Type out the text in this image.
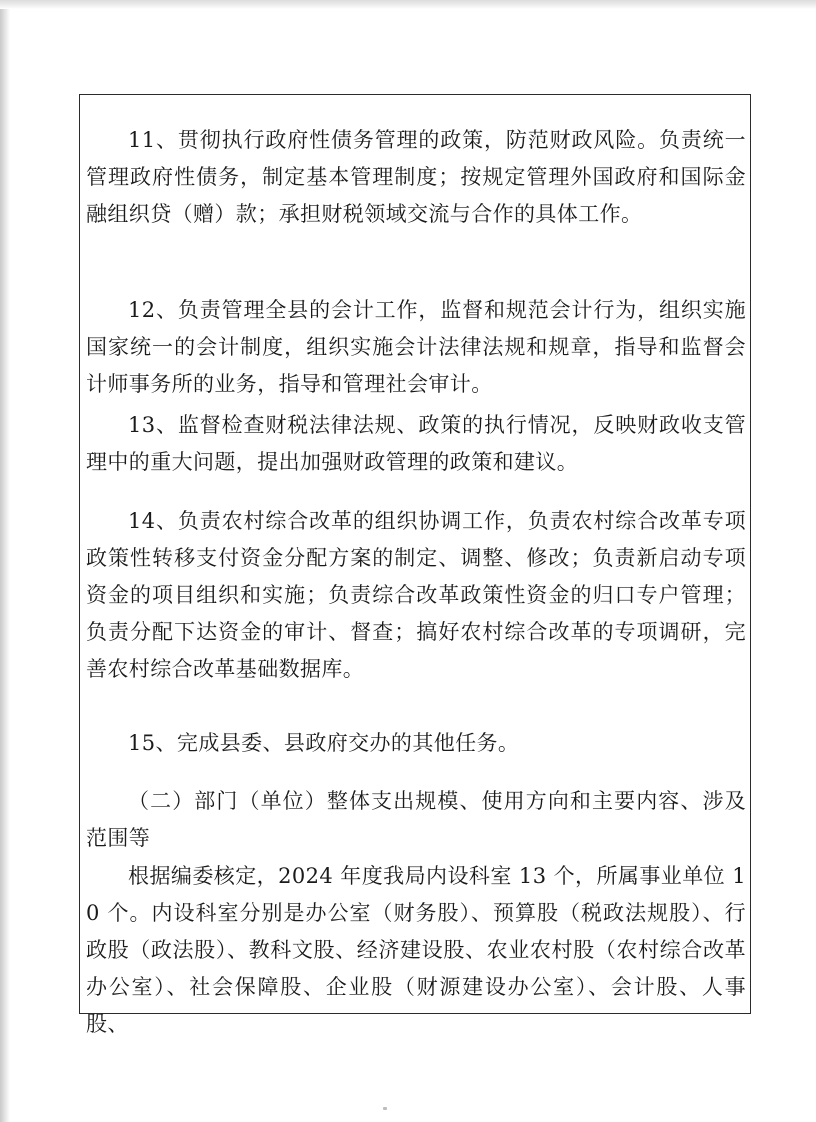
11、贯彻执行政府性债务管理的政策，防范财政风险。负责统一管理政府性债务，制定基本管理制度；按规定管理外国政府和国际金融组织贷（赠）款；承担财税领域交流与合作的具体工作。

12、负责管理全县的会计工作，监督和规范会计行为，组织实施国家统一的会计制度，组织实施会计法律法规和规章，指导和监督会计师事务所的业务，指导和管理社会审计。

13、监督检查财税法律法规、政策的执行情况，反映财政收支管理中的重大问题，提出加强财政管理的政策和建议。

14、负责农村综合改革的组织协调工作，负责农村综合改革专项政策性转移支付资金分配方案的制定、调整、修改；负责新启动专项资金的项目组织和实施；负责综合改革政策性资金的归口专户管理；负责分配下达资金的审计、督查；搞好农村综合改革的专项调研，完善农村综合改革基础数据库。

15、完成县委、县政府交办的其他任务。

（二）部门（单位）整体支出规模、使用方向和主要内容、涉及范围等

根据编委核定，2024 年度我局内设科室 13 个，所属事业单位 10 个。内设科室分别是办公室（财务股）、预算股（税政法规股）、行政股（政法股）、教科文股、经济建设股、农业农村股（农村综合改革办公室）、社会保障股、企业股（财源建设办公室）、会计股、人事股、
